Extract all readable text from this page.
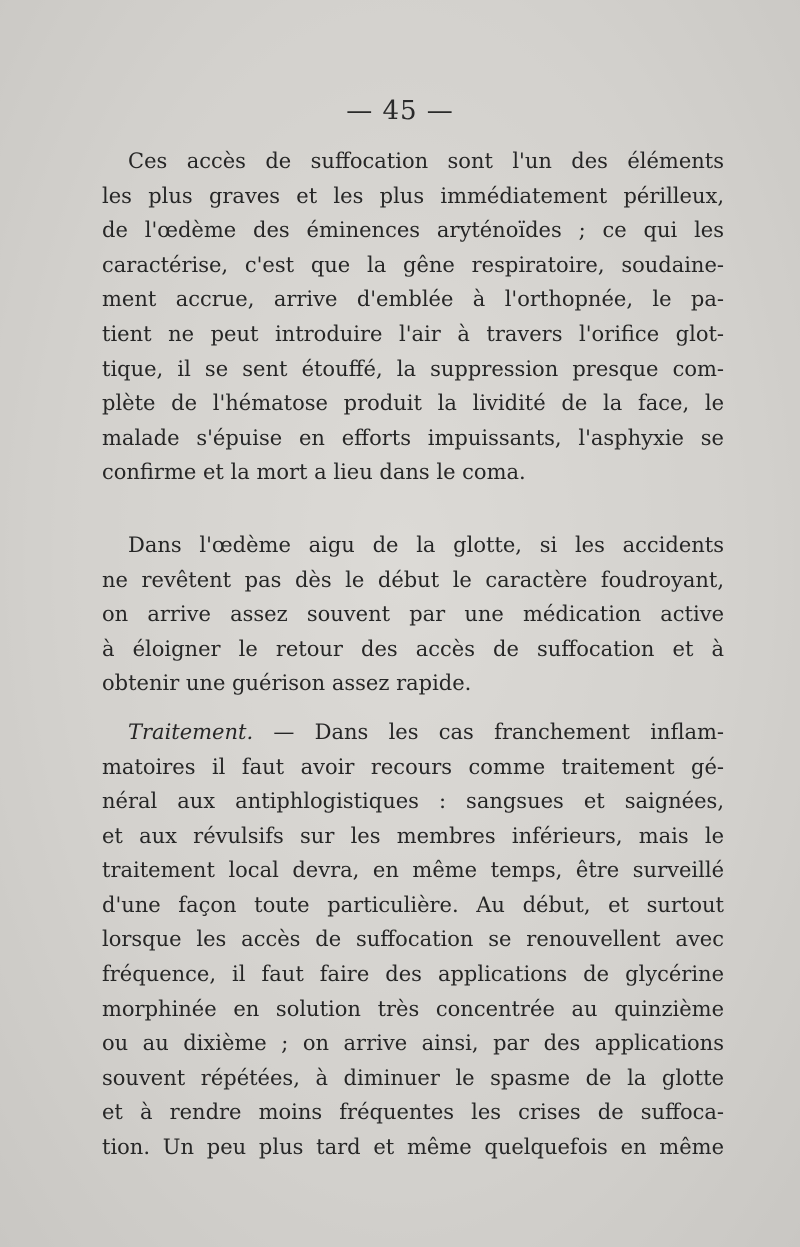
— 45 —
Ces accès de suffocation sont l'un des éléments
les plus graves et les plus immédiatement périlleux,
de l'œdème des éminences aryténoïdes ; ce qui les
caractérise, c'est que la gêne respiratoire, soudaine-
ment accrue, arrive d'emblée à l'orthopnée, le pa-
tient ne peut introduire l'air à travers l'orifice glot-
tique, il se sent étouffé, la suppression presque com-
plète de l'hématose produit la lividité de la face, le
malade s'épuise en efforts impuissants, l'asphyxie se
confirme et la mort a lieu dans le coma.
Dans l'œdème aigu de la glotte, si les accidents
ne revêtent pas dès le début le caractère foudroyant,
on arrive assez souvent par une médication active
à éloigner le retour des accès de suffocation et à
obtenir une guérison assez rapide.
Traitement. — Dans les cas franchement inflam-
matoires il faut avoir recours comme traitement gé-
néral aux antiphlogistiques : sangsues et saignées,
et aux révulsifs sur les membres inférieurs, mais le
traitement local devra, en même temps, être surveillé
d'une façon toute particulière. Au début, et surtout
lorsque les accès de suffocation se renouvellent avec
fréquence, il faut faire des applications de glycérine
morphinée en solution très concentrée au quinzième
ou au dixième ; on arrive ainsi, par des applications
souvent répétées, à diminuer le spasme de la glotte
et à rendre moins fréquentes les crises de suffoca-
tion. Un peu plus tard et même quelquefois en même
